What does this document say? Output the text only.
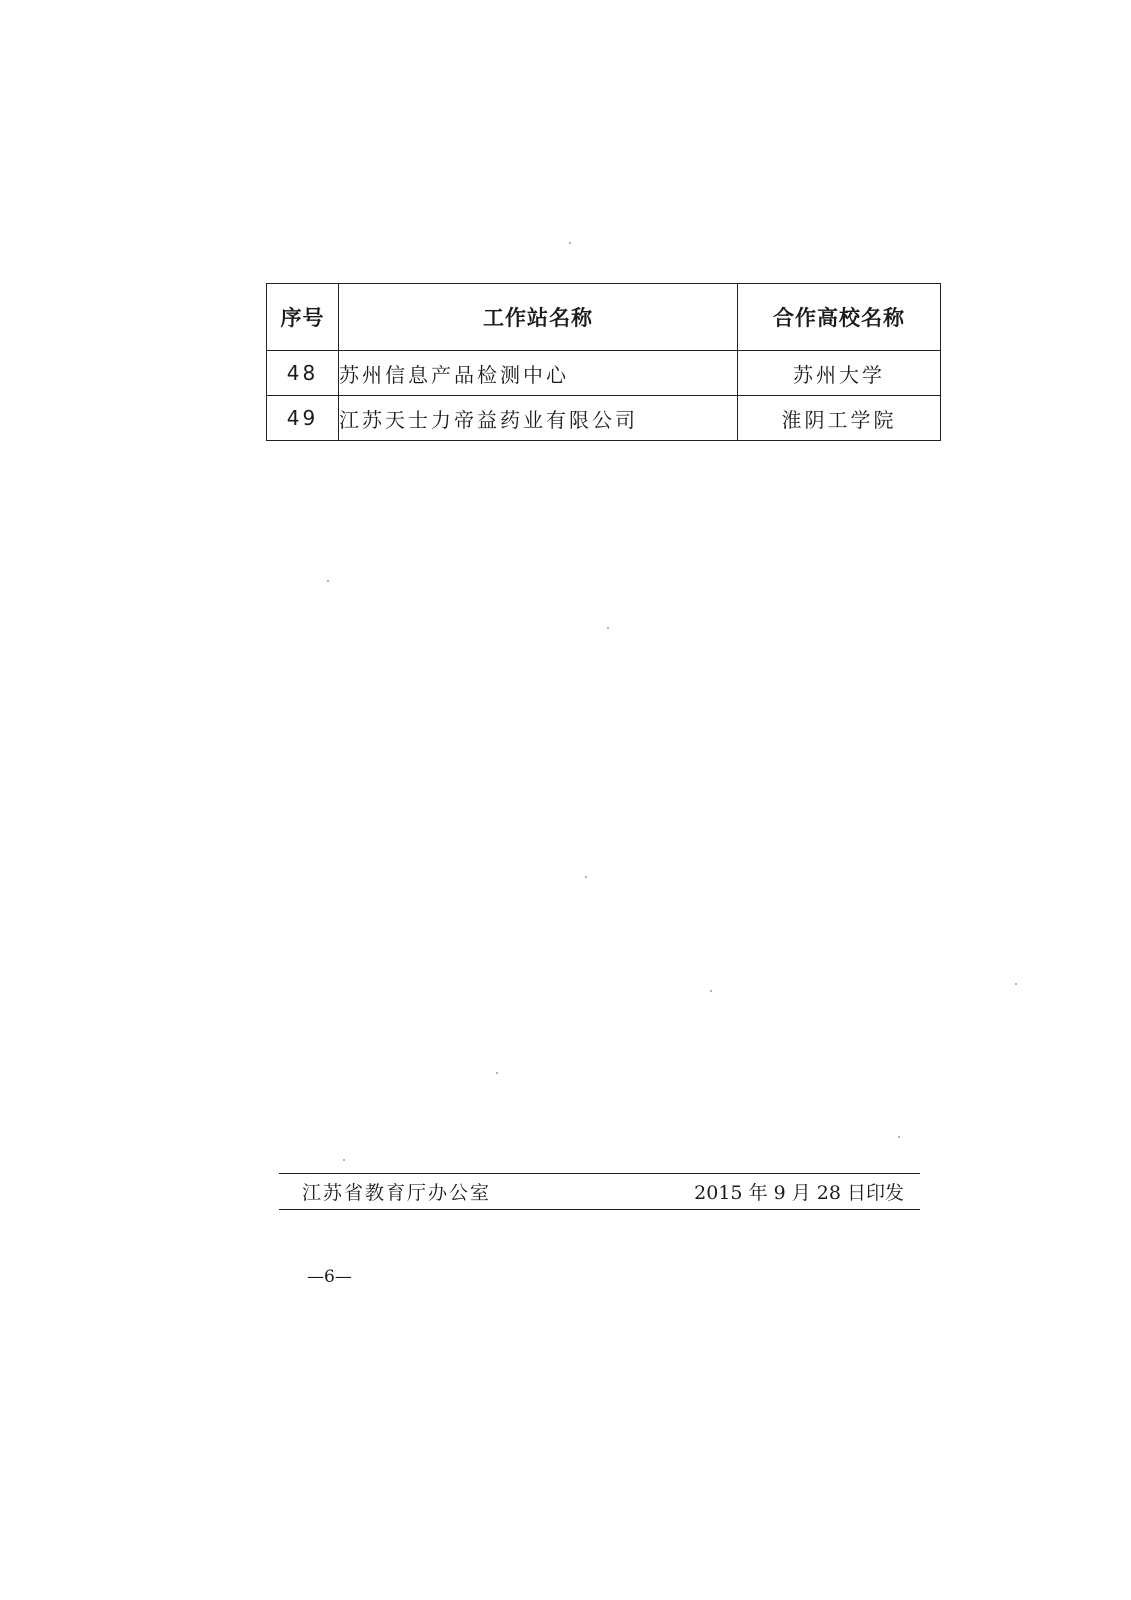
序号	工作站名称	合作高校名称
48	苏州信息产品检测中心	苏州大学
49	江苏天士力帝益药业有限公司	淮阴工学院
江苏省教育厅办公室	2015 年 9 月 28 日印发
—6—
